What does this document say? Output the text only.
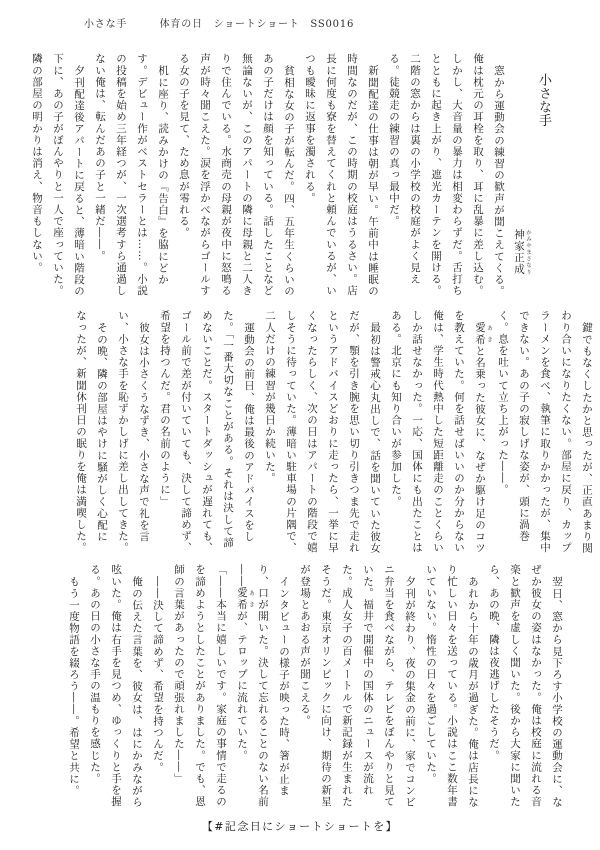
小さな手　　　体育の日　ショートショート　SS0016
小さな手
神家正成 かみやまさなり

窓から運動会の練習の歓声が聞こえてくる。俺は枕元の耳栓を取り、耳に乱暴に差し込む。しかし、大音量の暴力は相変わらずだ。舌打ちとともに起き上がり、遮光カーテンを開ける。二階の窓からは裏の小学校の校庭がよく見える。徒競走の練習の真っ最中だ。

新聞配達の仕事は朝が早い。午前中は睡眠の時間なのだが、この時期の校庭はうるさい。店長に何度も寮を替えてくれと頼んでいるが、いつも曖昧に返事を濁される。

貧相な女の子が転んだ。四、五年生くらいのあの子だけは顔を知っている。話したことなど無論ないが、このアパートの隣に母親と二人きりで住んでいる。水商売の母親が夜中に怒鳴る声が時々聞こえた。涙を浮かべながらゴールする女の子を見て、ため息が零れる。

机に座り、読みかけの『告白』を脇にどかす。デビュー作がベストセラーとは……。小説の投稿を始め三年経つが、一次選考すら通過しない俺は、転んだあの子と一緒だ――。

夕刊配達後アパートに戻ると、薄暗い階段の下に、あの子がぼんやりと一人で座っていた。隣の部屋の明かりは消え、物音もしない。

鍵でもなくしたかと思ったが、正直あまり関わり合いになりたくない。部屋に戻り、カップラーメンを食べ、執筆に取りかかったが、集中できない。あの子の寂しげな姿が、頭に渦巻く。息を吐いて立ち上がった――。

愛希 あきと名乗った彼女に、なぜか駆け足のコツを教えていた。何を話せばいいのか分からない俺は、学生時代熱中した短距離走のことくらいしか話せなかった。一応、国体にも出たことはある。北京にも知り合いが参加した。

最初は警戒心丸出しで、話を聞いていた彼女だが、顎を引き腕を思い切り引きつま先で走れというアドバイスどおりに走ったら、一挙に早くなったらしく、次の日はアパートの階段で嬉しそうに待っていた。薄暗い駐車場の片隅で、二人だけの練習が幾日か続いた。

運動会の前日、俺は最後のアドバイスをした。「一番大切なことがある。それは決して諦めないことだ。スタートダッシュが遅れても、ゴール前で差が付いていても、決して諦めず、希望を持つんだ。君の名前のように」

彼女は小さくうなずき、小さな声で礼を言い、小さな手を恥ずかしげに差し出してきた。

その晩、隣の部屋はやけに騒がしく心配になったが、新聞休刊日の眠りを俺は満喫した。

翌日、窓から見下ろす小学校の運動会に、なぜか彼女の姿はなかった。俺は校庭に流れる音楽と歓声を虚しく聞いた。後から大家に聞いたら、あの晩、隣は夜逃げしたそうだ。

あれから十年の歳月が過ぎた。俺は店長になり忙しい日々を送っている。小説はここ数年書いていない。惰性の日々を過ごしていた。

夕刊が終わり、夜の集金の前に、家でコンビニ弁当を食べながら、テレビをぼんやりと見ていた。福井で開催中の国体のニュースが流れた。成人女子の百メートルで新記録が生まれたそうだ。東京オリンピックに向け、期待の新星が登場とあおる声が聞こえる。

インタビューの様子が映った時、箸が止まり、口が開いた。決して忘れることのない名前――愛希 あきが、テロップに流れていた。

「――本当に嬉しいです。家庭の事情で走るのを諦めようとしたことがありました。でも、恩師の言葉があったので頑張れました――」

――決して諦めず、希望を持つんだ。

俺の伝えた言葉を、彼女は、はにかみながら呟いた。俺は右手を見つめ、ゆっくりと手を握る。あの日の小さな手の温もりを感じた。

もう一度物語を綴ろう――。希望と共に。

【#記念日にショートショートを】
